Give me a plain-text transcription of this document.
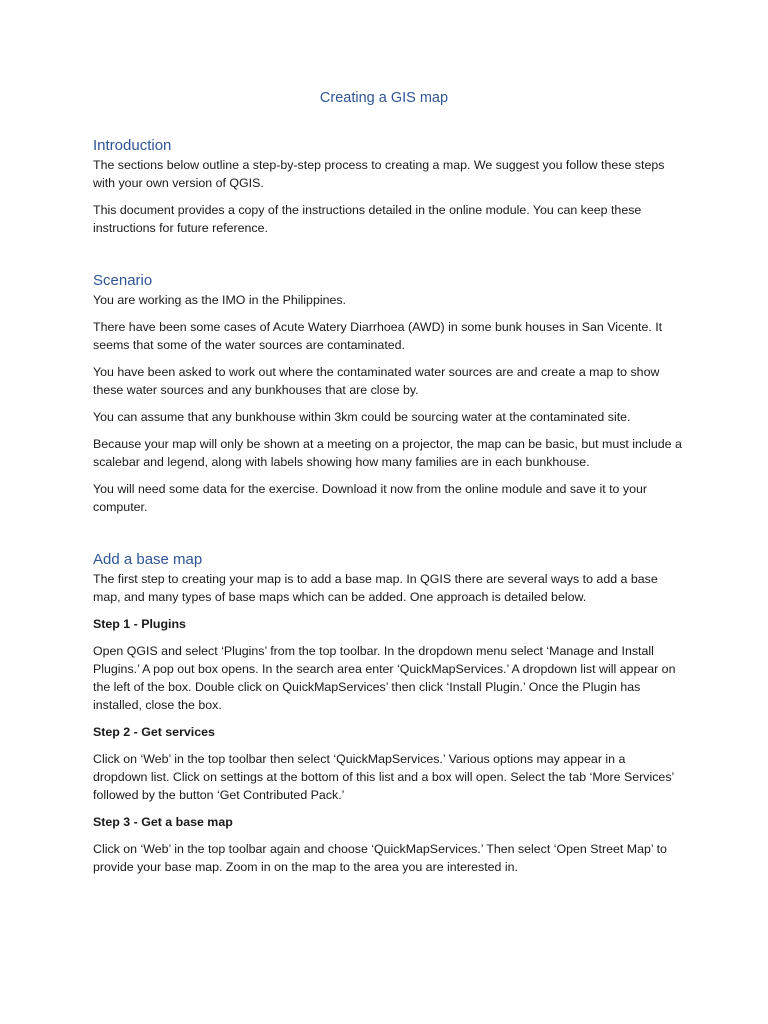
Creating a GIS map
Introduction

The sections below outline a step-by-step process to creating a map. We suggest you follow these steps with your own version of QGIS.

This document provides a copy of the instructions detailed in the online module. You can keep these instructions for future reference.

Scenario

You are working as the IMO in the Philippines.

There have been some cases of Acute Watery Diarrhoea (AWD) in some bunk houses in San Vicente. It seems that some of the water sources are contaminated.

You have been asked to work out where the contaminated water sources are and create a map to show these water sources and any bunkhouses that are close by.

You can assume that any bunkhouse within 3km could be sourcing water at the contaminated site.

Because your map will only be shown at a meeting on a projector, the map can be basic, but must include a scalebar and legend, along with labels showing how many families are in each bunkhouse.

You will need some data for the exercise. Download it now from the online module and save it to your computer.

Add a base map

The first step to creating your map is to add a base map. In QGIS there are several ways to add a base map, and many types of base maps which can be added. One approach is detailed below.

Step 1 - Plugins

Open QGIS and select ‘Plugins’ from the top toolbar. In the dropdown menu select ‘Manage and Install Plugins.’ A pop out box opens. In the search area enter ‘QuickMapServices.’ A dropdown list will appear on the left of the box. Double click on QuickMapServices’ then click ‘Install Plugin.’ Once the Plugin has installed, close the box.

Step 2 - Get services

Click on ‘Web’ in the top toolbar then select ‘QuickMapServices.’ Various options may appear in a dropdown list. Click on settings at the bottom of this list and a box will open. Select the tab ‘More Services’ followed by the button ‘Get Contributed Pack.’

Step 3 - Get a base map

Click on ‘Web’ in the top toolbar again and choose ‘QuickMapServices.’ Then select ‘Open Street Map’ to provide your base map. Zoom in on the map to the area you are interested in.
